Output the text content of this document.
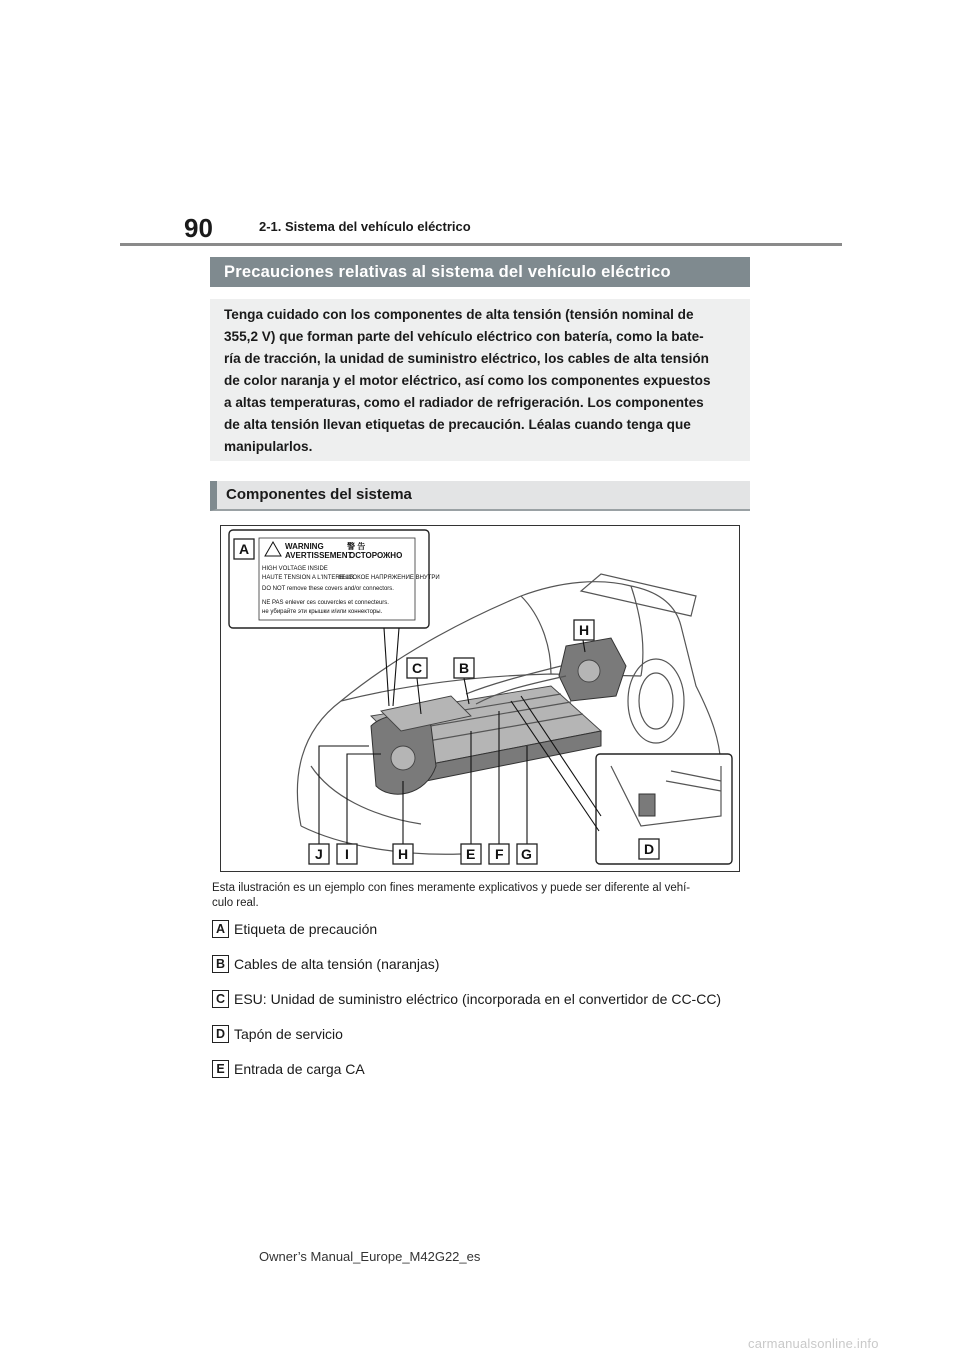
90	2-1. Sistema del vehículo eléctrico
Precauciones relativas al sistema del vehículo eléctrico
Tenga cuidado con los componentes de alta tensión (tensión nominal de
355,2 V) que forman parte del vehículo eléctrico con batería, como la bate-
ría de tracción, la unidad de suministro eléctrico, los cables de alta tensión
de color naranja y el motor eléctrico, así como los componentes expuestos
a altas temperaturas, como el radiador de refrigeración. Los componentes
de alta tensión llevan etiquetas de precaución. Léalas cuando tenga que
manipularlos.
Componentes del sistema
WARNING	警 告
AVERTISSEMENT
ОСТОРОЖНО
HIGH VOLTAGE INSIDE
HAUTE TENSION A L'INTERIEUR
ВЫСОКОЕ НАПРЯЖЕНИЕ ВНУТРИ
DO NOT remove these covers and/or connectors.
NE PAS enlever ces couvercles et connecteurs.
не убирайте эти крышки и/или коннекторы.
A
H
C	B
J I	H	E F G	D
Esta ilustración es un ejemplo con fines meramente explicativos y puede ser diferente al vehí-
culo real.
A Etiqueta de precaución
B Cables de alta tensión (naranjas)
C ESU: Unidad de suministro eléctrico (incorporada en el convertidor de CC-CC)
D Tapón de servicio
E Entrada de carga CA
Owner’s Manual_Europe_M42G22_es
carmanualsonline.info
